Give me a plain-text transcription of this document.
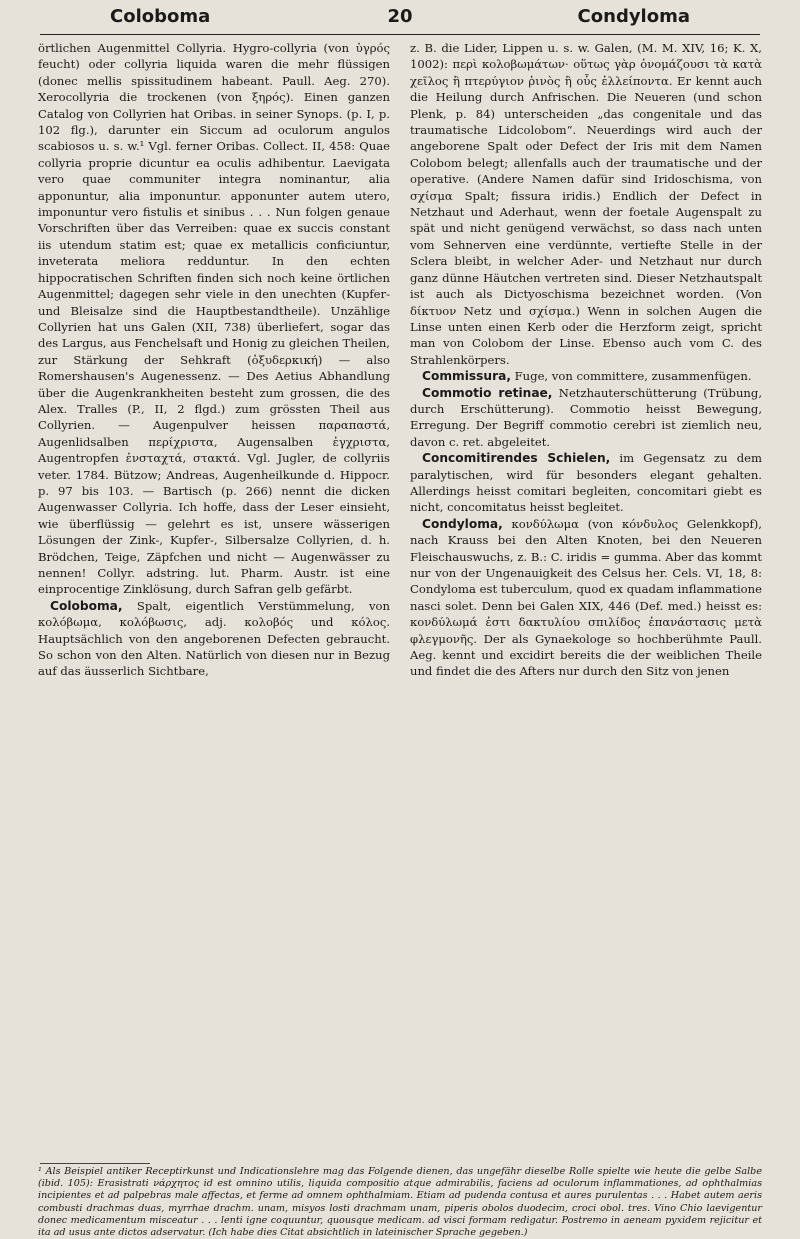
Coloboma	20	Condyloma

örtlichen Augenmittel Collyria. Hygro-collyria (von ὑγρός feucht) oder collyria liquida waren die mehr flüssigen (donec mellis spissitudinem habeant. Paull. Aeg. 270). Xerocollyria die trockenen (von ξηρός). Einen ganzen Catalog von Collyrien hat Oribas. in seiner Synops. (p. I, p. 102 flg.), darunter ein Siccum ad oculorum angulos scabiosos u. s. w.¹ Vgl. ferner Oribas. Collect. II, 458: Quae collyria proprie dicuntur ea oculis adhibentur. Laevigata vero quae communiter integra nominantur, alia apponuntur, alia imponuntur. apponunter autem utero, imponuntur vero fistulis et sinibus . . . Nun folgen genaue Vorschriften über das Verreiben: quae ex succis constant iis utendum statim est; quae ex metallicis conficiuntur, inveterata meliora redduntur. In den echten hippocratischen Schriften finden sich noch keine örtlichen Augenmittel; dagegen sehr viele in den unechten (Kupfer- und Bleisalze sind die Hauptbestandtheile). Unzählige Collyrien hat uns Galen (XII, 738) überliefert, sogar das des Largus, aus Fenchelsaft und Honig zu gleichen Theilen, zur Stärkung der Sehkraft (ὀξυδερκική) — also Romershausen's Augenessenz. — Des Aetius Abhandlung über die Augenkrankheiten besteht zum grossen, die des Alex. Tralles (P., II, 2 flgd.) zum grössten Theil aus Collyrien. — Augenpulver heissen παραπαστά, Augenlidsalben περίχριστα, Augensalben ἐγχριστα, Augentropfen ἐνσταχτά, στακτά. Vgl. Jugler, de collyriis veter. 1784. Bützow; Andreas, Augenheilkunde d. Hippocr. p. 97 bis 103. — Bartisch (p. 266) nennt die dicken Augenwasser Collyria. Ich hoffe, dass der Leser einsieht, wie überflüssig — gelehrt es ist, unsere wässerigen Lösungen der Zink-, Kupfer-, Silbersalze Collyrien, d. h. Brödchen, Teige, Zäpfchen und nicht — Augenwässer zu nennen! Collyr. adstring. lut. Pharm. Austr. ist eine einprocentige Zinklösung, durch Safran gelb gefärbt.

Coloboma, Spalt, eigentlich Verstümmelung, von κολόβωμα, κολόβωσις, adj. κολοβός und κόλος. Hauptsächlich von den angeborenen Defecten gebraucht. So schon von den Alten. Natürlich von diesen nur in Bezug auf das äusserlich Sichtbare,

z. B. die Lider, Lippen u. s. w. Galen, (M. M. XIV, 16; K. X, 1002): περὶ κολοβωμάτων· οὕτως γὰρ ὀνομάζουσι τὰ κατὰ χεῖλος ἢ πτερύγιον ῥινὸς ἢ οὖς ἐλλείποντα. Er kennt auch die Heilung durch Anfrischen. Die Neueren (und schon Plenk, p. 84) unterscheiden „das congenitale und das traumatische Lidcolobom“. Neuerdings wird auch der angeborene Spalt oder Defect der Iris mit dem Namen Colobom belegt; allenfalls auch der traumatische und der operative. (Andere Namen dafür sind Iridoschisma, von σχίσμα Spalt; fissura iridis.) Endlich der Defect in Netzhaut und Aderhaut, wenn der foetale Augenspalt zu spät und nicht genügend verwächst, so dass nach unten vom Sehnerven eine verdünnte, vertiefte Stelle in der Sclera bleibt, in welcher Ader- und Netzhaut nur durch ganz dünne Häutchen vertreten sind. Dieser Netzhautspalt ist auch als Dictyoschisma bezeichnet worden. (Von δίκτυον Netz und σχίσμα.) Wenn in solchen Augen die Linse unten einen Kerb oder die Herzform zeigt, spricht man von Colobom der Linse. Ebenso auch vom C. des Strahlenkörpers.

Commissura, Fuge, von committere, zusammenfügen.

Commotio retinae, Netzhauterschütterung (Trübung, durch Erschütterung). Commotio heisst Bewegung, Erregung. Der Begriff commotio cerebri ist ziemlich neu, davon c. ret. abgeleitet.

Concomitirendes Schielen, im Gegensatz zu dem paralytischen, wird für besonders elegant gehalten. Allerdings heisst comitari begleiten, concomitari giebt es nicht, concomitatus heisst begleitet.

Condyloma, κονδύλωμα (von κόνδυλος Gelenkkopf), nach Krauss bei den Alten Knoten, bei den Neueren Fleischauswuchs, z. B.: C. iridis = gumma. Aber das kommt nur von der Ungenauigkeit des Celsus her. Cels. VI, 18, 8: Condyloma est tuberculum, quod ex quadam inflammatione nasci solet. Denn bei Galen XIX, 446 (Def. med.) heisst es: κονδύλωμά ἐστι δακτυλίου σπιλίδος ἐπανάστασις μετὰ φλεγμονῆς. Der als Gynaekologe so hochberühmte Paull. Aeg. kennt und excidirt bereits die der weiblichen Theile und findet die des Afters nur durch den Sitz von jenen

¹ Als Beispiel antiker Receptirkunst und Indicationslehre mag das Folgende dienen, das ungefähr dieselbe Rolle spielte wie heute die gelbe Salbe (ibid. 105): Erasistrati νάρχητος id est omnino utilis, liquida compositio atque admirabilis, faciens ad oculorum inflammationes, ad ophthalmias incipientes et ad palpebras male affectas, et ferme ad omnem ophthalmiam. Etiam ad pudenda contusa et aures purulentas . . . Habet autem aeris combusti drachmas duas, myrrhae drachm. unam, misyos losti drachmam unam, piperis obolos duodecim, croci obol. tres. Vino Chio laevigentur donec medicamentum misceatur . . . lenti igne coquuntur, quousque medicam. ad visci formam redigatur. Postremo in aeneam pyxidem rejicitur et ita ad usus ante dictos adservatur. (Ich habe dies Citat absichtlich in lateinischer Sprache gegeben.)
